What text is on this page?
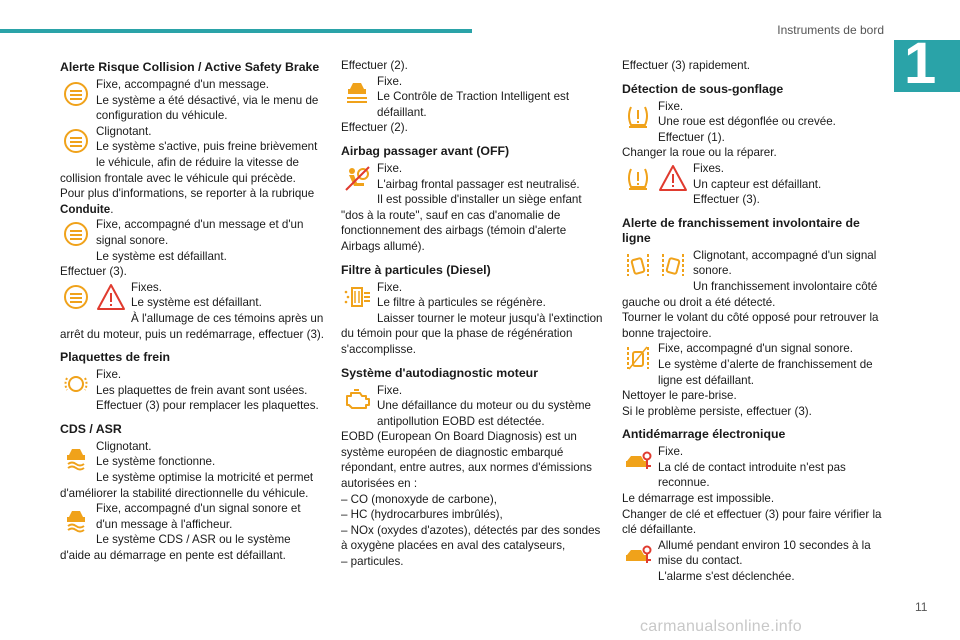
Instruments de bord
1
Alerte Risque Collision / Active Safety Brake

Fixe, accompagné d'un message.

Le système a été désactivé, via le menu de configuration du véhicule.

Clignotant.

Le système s'active, puis freine brièvement le véhicule, afin de réduire la vitesse de collision frontale avec le véhicule qui précède.

Pour plus d'informations, se reporter à la rubrique Conduite.

Fixe, accompagné d'un message et d'un signal sonore.

Le système est défaillant.

Effectuer (3).

Fixes.

Le système est défaillant.

À l'allumage de ces témoins après un arrêt du moteur, puis un redémarrage, effectuer (3).

Plaquettes de frein

Fixe.

Les plaquettes de frein avant sont usées.

Effectuer (3) pour remplacer les plaquettes.

CDS / ASR

Clignotant.

Le système fonctionne.

Le système optimise la motricité et permet d'améliorer la stabilité directionnelle du véhicule.

Fixe, accompagné d'un signal sonore et d'un message à l'afficheur.

Le système CDS / ASR ou le système d'aide au démarrage en pente est défaillant.

Effectuer (2).

Fixe.

Le Contrôle de Traction Intelligent est défaillant.

Effectuer (2).

Airbag passager avant (OFF)

Fixe.

L'airbag frontal passager est neutralisé.

Il est possible d'installer un siège enfant "dos à la route", sauf en cas d'anomalie de fonctionnement des airbags (témoin d'alerte Airbags allumé).

Filtre à particules (Diesel)

Fixe.

Le filtre à particules se régénère.

Laisser tourner le moteur jusqu'à l'extinction du témoin pour que la phase de régénération s'accomplisse.

Système d'autodiagnostic moteur

Fixe.

Une défaillance du moteur ou du système antipollution EOBD est détectée.

EOBD (European On Board Diagnosis) est un système européen de diagnostic embarqué répondant, entre autres, aux normes d'émissions autorisées en :

– CO (monoxyde de carbone),

– HC (hydrocarbures imbrûlés),

– NOx (oxydes d'azotes), détectés par des sondes à oxygène placées en aval des catalyseurs,

– particules.

Effectuer (3) rapidement.

Détection de sous-gonflage

Fixe.

Une roue est dégonflée ou crevée.

Effectuer (1).

Changer la roue ou la réparer.

Fixes.

Un capteur est défaillant.

Effectuer (3).

Alerte de franchissement involontaire de ligne

Clignotant, accompagné d'un signal sonore.

Un franchissement involontaire côté gauche ou droit a été détecté.

Tourner le volant du côté opposé pour retrouver la bonne trajectoire.

Fixe, accompagné d'un signal sonore.

Le système d’alerte de franchissement de ligne est défaillant.

Nettoyer le pare-brise.

Si le problème persiste, effectuer (3).

Antidémarrage électronique

Fixe.

La clé de contact introduite n'est pas reconnue.

Le démarrage est impossible.

Changer de clé et effectuer (3) pour faire vérifier la clé défaillante.

Allumé pendant environ 10 secondes à la mise du contact.

L'alarme s'est déclenchée.

11
carmanualsonline.info
